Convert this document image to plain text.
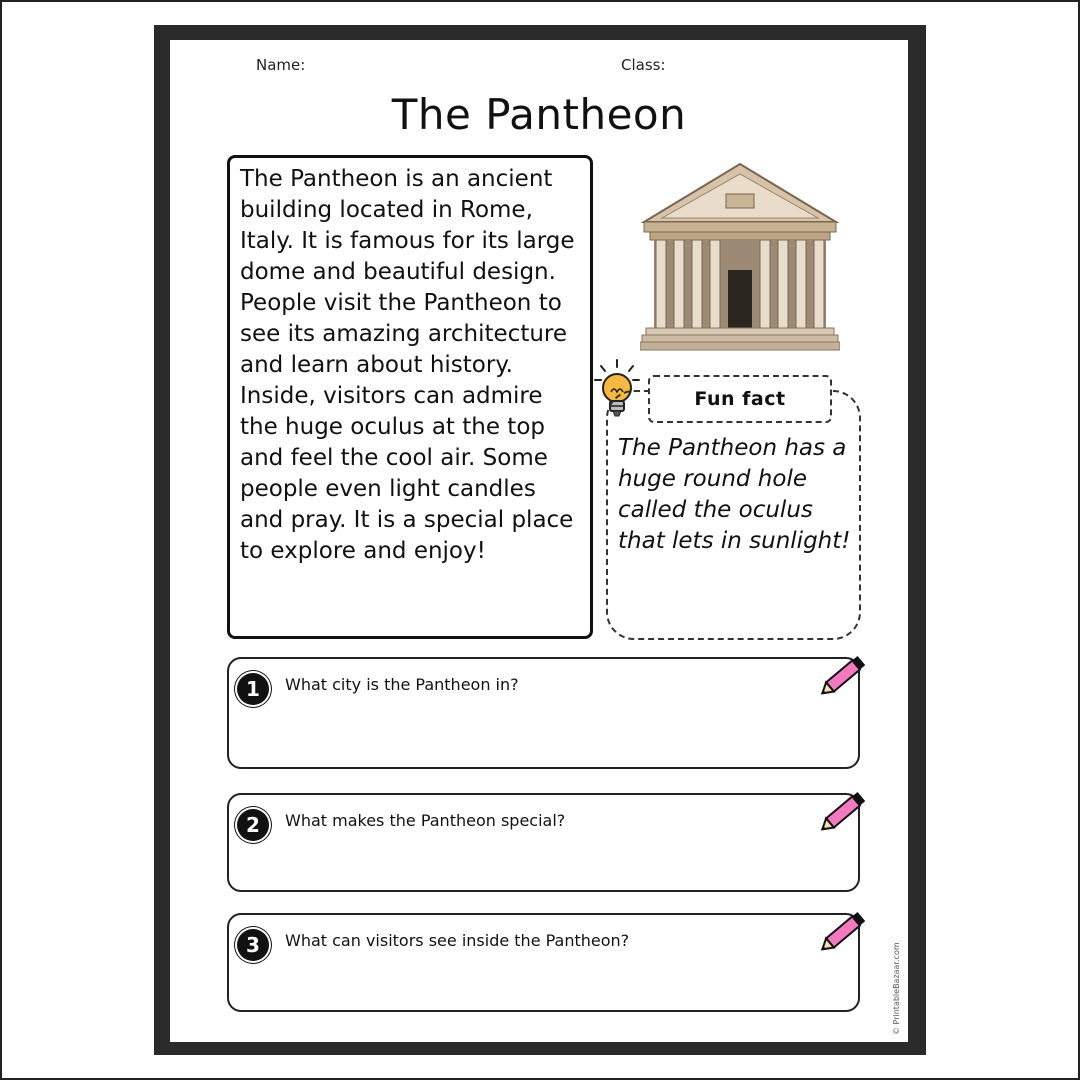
Name:	Class:
The Pantheon
The Pantheon is an ancient building located in Rome, Italy. It is famous for its large dome and beautiful design. People visit the Pantheon to see its amazing architecture and learn about history. Inside, visitors can admire the huge oculus at the top and feel the cool air. Some people even light candles and pray. It is a special place to explore and enjoy!
Fun fact
The Pantheon has a huge round hole called the oculus that lets in sunlight!
1	What city is the Pantheon in?
2	What makes the Pantheon special?
3	What can visitors see inside the Pantheon?
© PrintableBazaar.com
